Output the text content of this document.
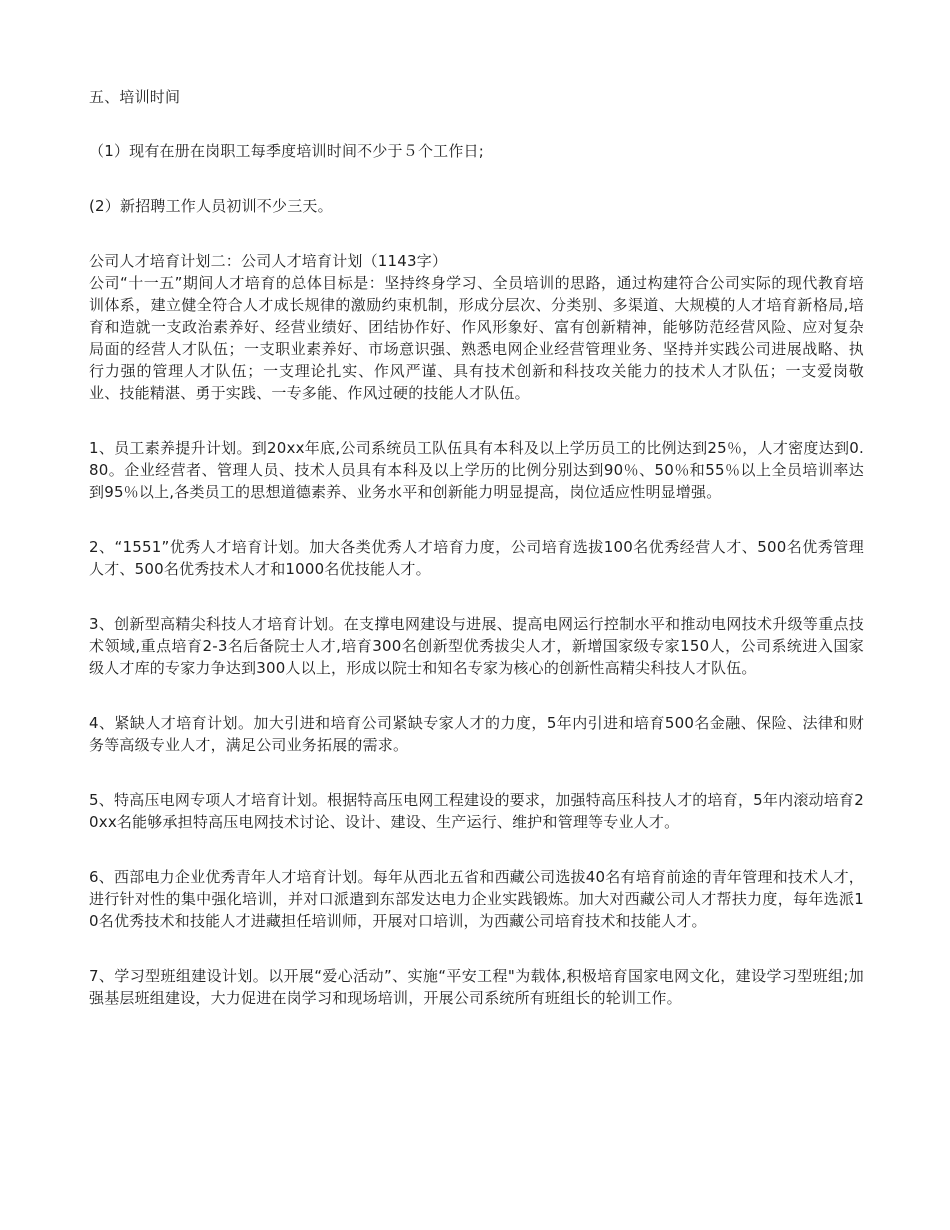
五、培训时间

（1）现有在册在岗职工每季度培训时间不少于５个工作日;

(2）新招聘工作人员初训不少三天。

公司人才培育计划二：公司人才培育计划（1143字）

公司“十一五”期间人才培育的总体目标是：坚持终身学习、全员培训的思路，通过构建符合公司实际的现代教育培训体系，建立健全符合人才成长规律的激励约束机制，形成分层次、分类别、多渠道、大规模的人才培育新格局,培育和造就一支政治素养好、经营业绩好、团结协作好、作风形象好、富有创新精神，能够防范经营风险、应对复杂局面的经营人才队伍；一支职业素养好、市场意识强、熟悉电网企业经营管理业务、坚持并实践公司进展战略、执行力强的管理人才队伍；一支理论扎实、作风严谨、具有技术创新和科技攻关能力的技术人才队伍；一支爱岗敬业、技能精湛、勇于实践、一专多能、作风过硬的技能人才队伍。

1、员工素养提升计划。到20xx年底,公司系统员工队伍具有本科及以上学历员工的比例达到25％，人才密度达到0.80。企业经营者、管理人员、技术人员具有本科及以上学历的比例分别达到90％、50％和55％以上全员培训率达到95％以上,各类员工的思想道德素养、业务水平和创新能力明显提高，岗位适应性明显增强。

2、“1551”优秀人才培育计划。加大各类优秀人才培育力度，公司培育选拔100名优秀经营人才、500名优秀管理人才、500名优秀技术人才和1000名优技能人才。

3、创新型高精尖科技人才培育计划。在支撑电网建设与进展、提高电网运行控制水平和推动电网技术升级等重点技术领域,重点培育2-3名后备院士人才,培育300名创新型优秀拔尖人才，新增国家级专家150人，公司系统进入国家级人才库的专家力争达到300人以上，形成以院士和知名专家为核心的创新性高精尖科技人才队伍。

4、紧缺人才培育计划。加大引进和培育公司紧缺专家人才的力度，5年内引进和培育500名金融、保险、法律和财务等高级专业人才，满足公司业务拓展的需求。

5、特高压电网专项人才培育计划。根据特高压电网工程建设的要求，加强特高压科技人才的培育，5年内滚动培育20xx名能够承担特高压电网技术讨论、设计、建设、生产运行、维护和管理等专业人才。

6、西部电力企业优秀青年人才培育计划。每年从西北五省和西藏公司选拔40名有培育前途的青年管理和技术人才，进行针对性的集中强化培训，并对口派遣到东部发达电力企业实践锻炼。加大对西藏公司人才帮扶力度，每年选派10名优秀技术和技能人才进藏担任培训师，开展对口培训，为西藏公司培育技术和技能人才。

7、学习型班组建设计划。以开展“爱心活动”、实施“平安工程"为载体,积极培育国家电网文化，建设学习型班组;加强基层班组建设，大力促进在岗学习和现场培训，开展公司系统所有班组长的轮训工作。
